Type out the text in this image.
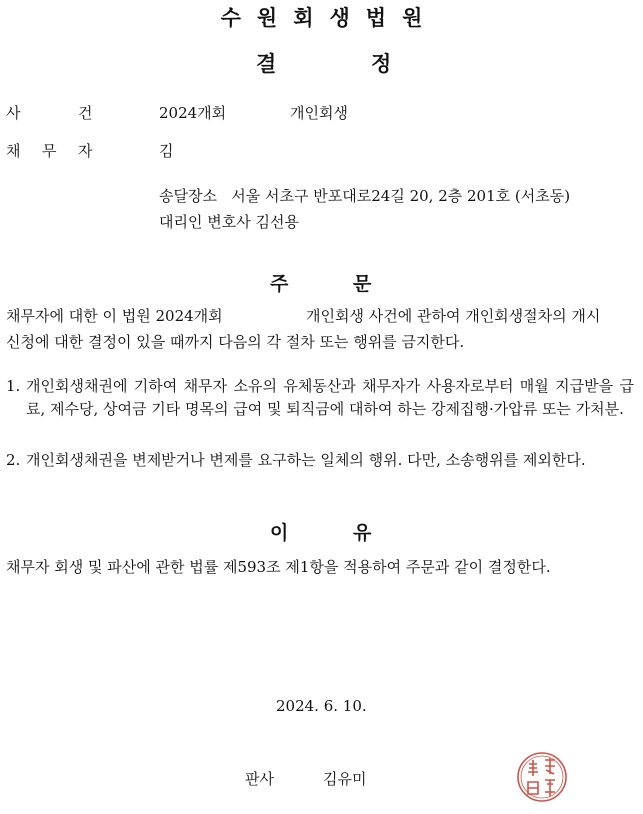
수원회생법원
결	정
사	건	2024개회	개인회생
채 무 자	김
송달장소 서울 서초구 반포대로24길 20, 2층 201호 (서초동)
대리인 변호사 김선용
주	문
채무자에 대한 이 법원 2024개회	개인회생 사건에 관하여 개인회생절차의 개시
신청에 대한 결정이 있을 때까지 다음의 각 절차 또는 행위를 금지한다.
1. 개인회생채권에 기하여 채무자 소유의 유체동산과 채무자가 사용자로부터 매월 지급받을 급료, 제수당, 상여금 기타 명목의 급여 및 퇴직금에 대하여 하는 강제집행·가압류 또는 가처분.
2. 개인회생채권을 변제받거나 변제를 요구하는 일체의 행위. 다만, 소송행위를 제외한다.
이	유
채무자 회생 및 파산에 관한 법률 제593조 제1항을 적용하여 주문과 같이 결정한다.
2024. 6. 10.
판사	김유미
